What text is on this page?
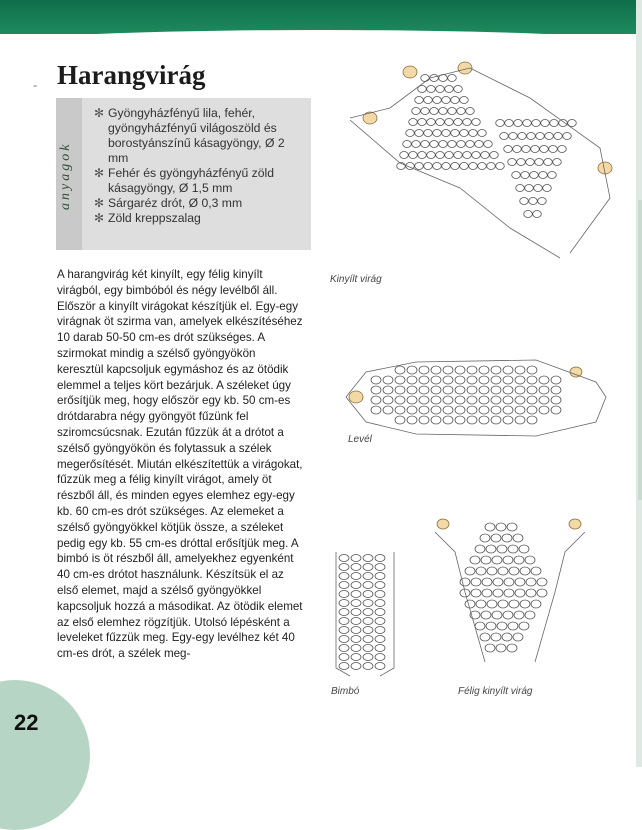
- Harangvirág
anyagok
✻ Gyöngyházfényű lila, fehér, gyöngyházfényű világoszöld és borostyánszínű kásagyöngy, Ø 2 mm
✻ Fehér és gyöngyházfényű zöld kásagyöngy, Ø 1,5 mm
✻ Sárgaréz drót, Ø 0,3 mm
✻ Zöld kreppszalag

A harangvirág két kinyílt, egy félig kinyílt virágból, egy bimbóból és négy levélből áll. Először a kinyílt virágokat készítjük el. Egy-egy virágnak öt szirma van, amelyek elkészítéséhez 10 darab 50-50 cm-es drót szükséges. A szirmokat mindig a szélső gyöngyökön keresztül kapcsoljuk egymáshoz és az ötödik elemmel a teljes kört bezárjuk. A széleket úgy erősítjük meg, hogy először egy kb. 50 cm-es drótdarabra négy gyöngyöt fűzünk fel sziromcsúcsnak. Ezután fűzzük át a drótot a szélső gyöngyökön és folytassuk a szélek megerősítését. Miután elkészítettük a virágokat, fűzzük meg a félig kinyílt virágot, amely öt részből áll, és minden egyes elemhez egy-egy kb. 60 cm-es drót szükséges. Az elemeket a szélső gyöngyökkel kötjük össze, a széleket pedig egy kb. 55 cm-es dróttal erősítjük meg. A bimbó is öt részből áll, amelyekhez egyenként 40 cm-es drótot használunk. Készítsük el az első elemet, majd a szélső gyöngyökkel kapcsoljuk hozzá a másodikat. Az ötödik elemet az első elemhez rögzítjük. Utolsó lépésként a leveleket fűzzük meg. Egy-egy levélhez két 40 cm-es drót, a szélek meg-

Kinyílt virág
Levél
Bimbó	Félig kinyílt virág
22
